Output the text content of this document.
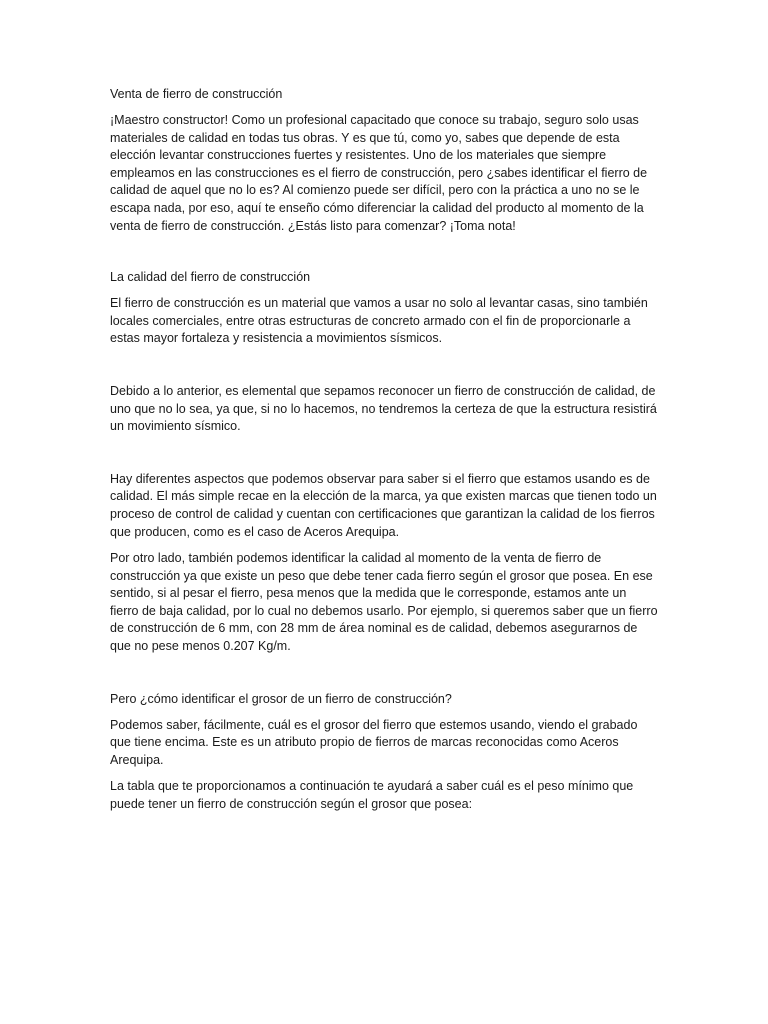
Venta de fierro de construcción

¡Maestro constructor! Como un profesional capacitado que conoce su trabajo, seguro solo usas materiales de calidad en todas tus obras. Y es que tú, como yo, sabes que depende de esta elección levantar construcciones fuertes y resistentes. Uno de los materiales que siempre empleamos en las construcciones es el fierro de construcción, pero ¿sabes identificar el fierro de calidad de aquel que no lo es? Al comienzo puede ser difícil, pero con la práctica a uno no se le escapa nada, por eso, aquí te enseño cómo diferenciar la calidad del producto al momento de la venta de fierro de construcción. ¿Estás listo para comenzar? ¡Toma nota!

La calidad del fierro de construcción

El fierro de construcción es un material que vamos a usar no solo al levantar casas, sino también locales comerciales, entre otras estructuras de concreto armado con el fin de proporcionarle a estas mayor fortaleza y resistencia a movimientos sísmicos.

Debido a lo anterior, es elemental que sepamos reconocer un fierro de construcción de calidad, de uno que no lo sea, ya que, si no lo hacemos, no tendremos la certeza de que la estructura resistirá un movimiento sísmico.

Hay diferentes aspectos que podemos observar para saber si el fierro que estamos usando es de calidad. El más simple recae en la elección de la marca, ya que existen marcas que tienen todo un proceso de control de calidad y cuentan con certificaciones que garantizan la calidad de los fierros que producen, como es el caso de Aceros Arequipa.

Por otro lado, también podemos identificar la calidad al momento de la venta de fierro de construcción ya que existe un peso que debe tener cada fierro según el grosor que posea. En ese sentido, si al pesar el fierro, pesa menos que la medida que le corresponde, estamos ante un fierro de baja calidad, por lo cual no debemos usarlo. Por ejemplo, si queremos saber que un fierro de construcción de 6 mm, con 28 mm de área nominal es de calidad, debemos asegurarnos de que no pese menos 0.207 Kg/m.

Pero ¿cómo identificar el grosor de un fierro de construcción?

Podemos saber, fácilmente, cuál es el grosor del fierro que estemos usando, viendo el grabado que tiene encima. Este es un atributo propio de fierros de marcas reconocidas como Aceros Arequipa.

La tabla que te proporcionamos a continuación te ayudará a saber cuál es el peso mínimo que puede tener un fierro de construcción según el grosor que posea:
